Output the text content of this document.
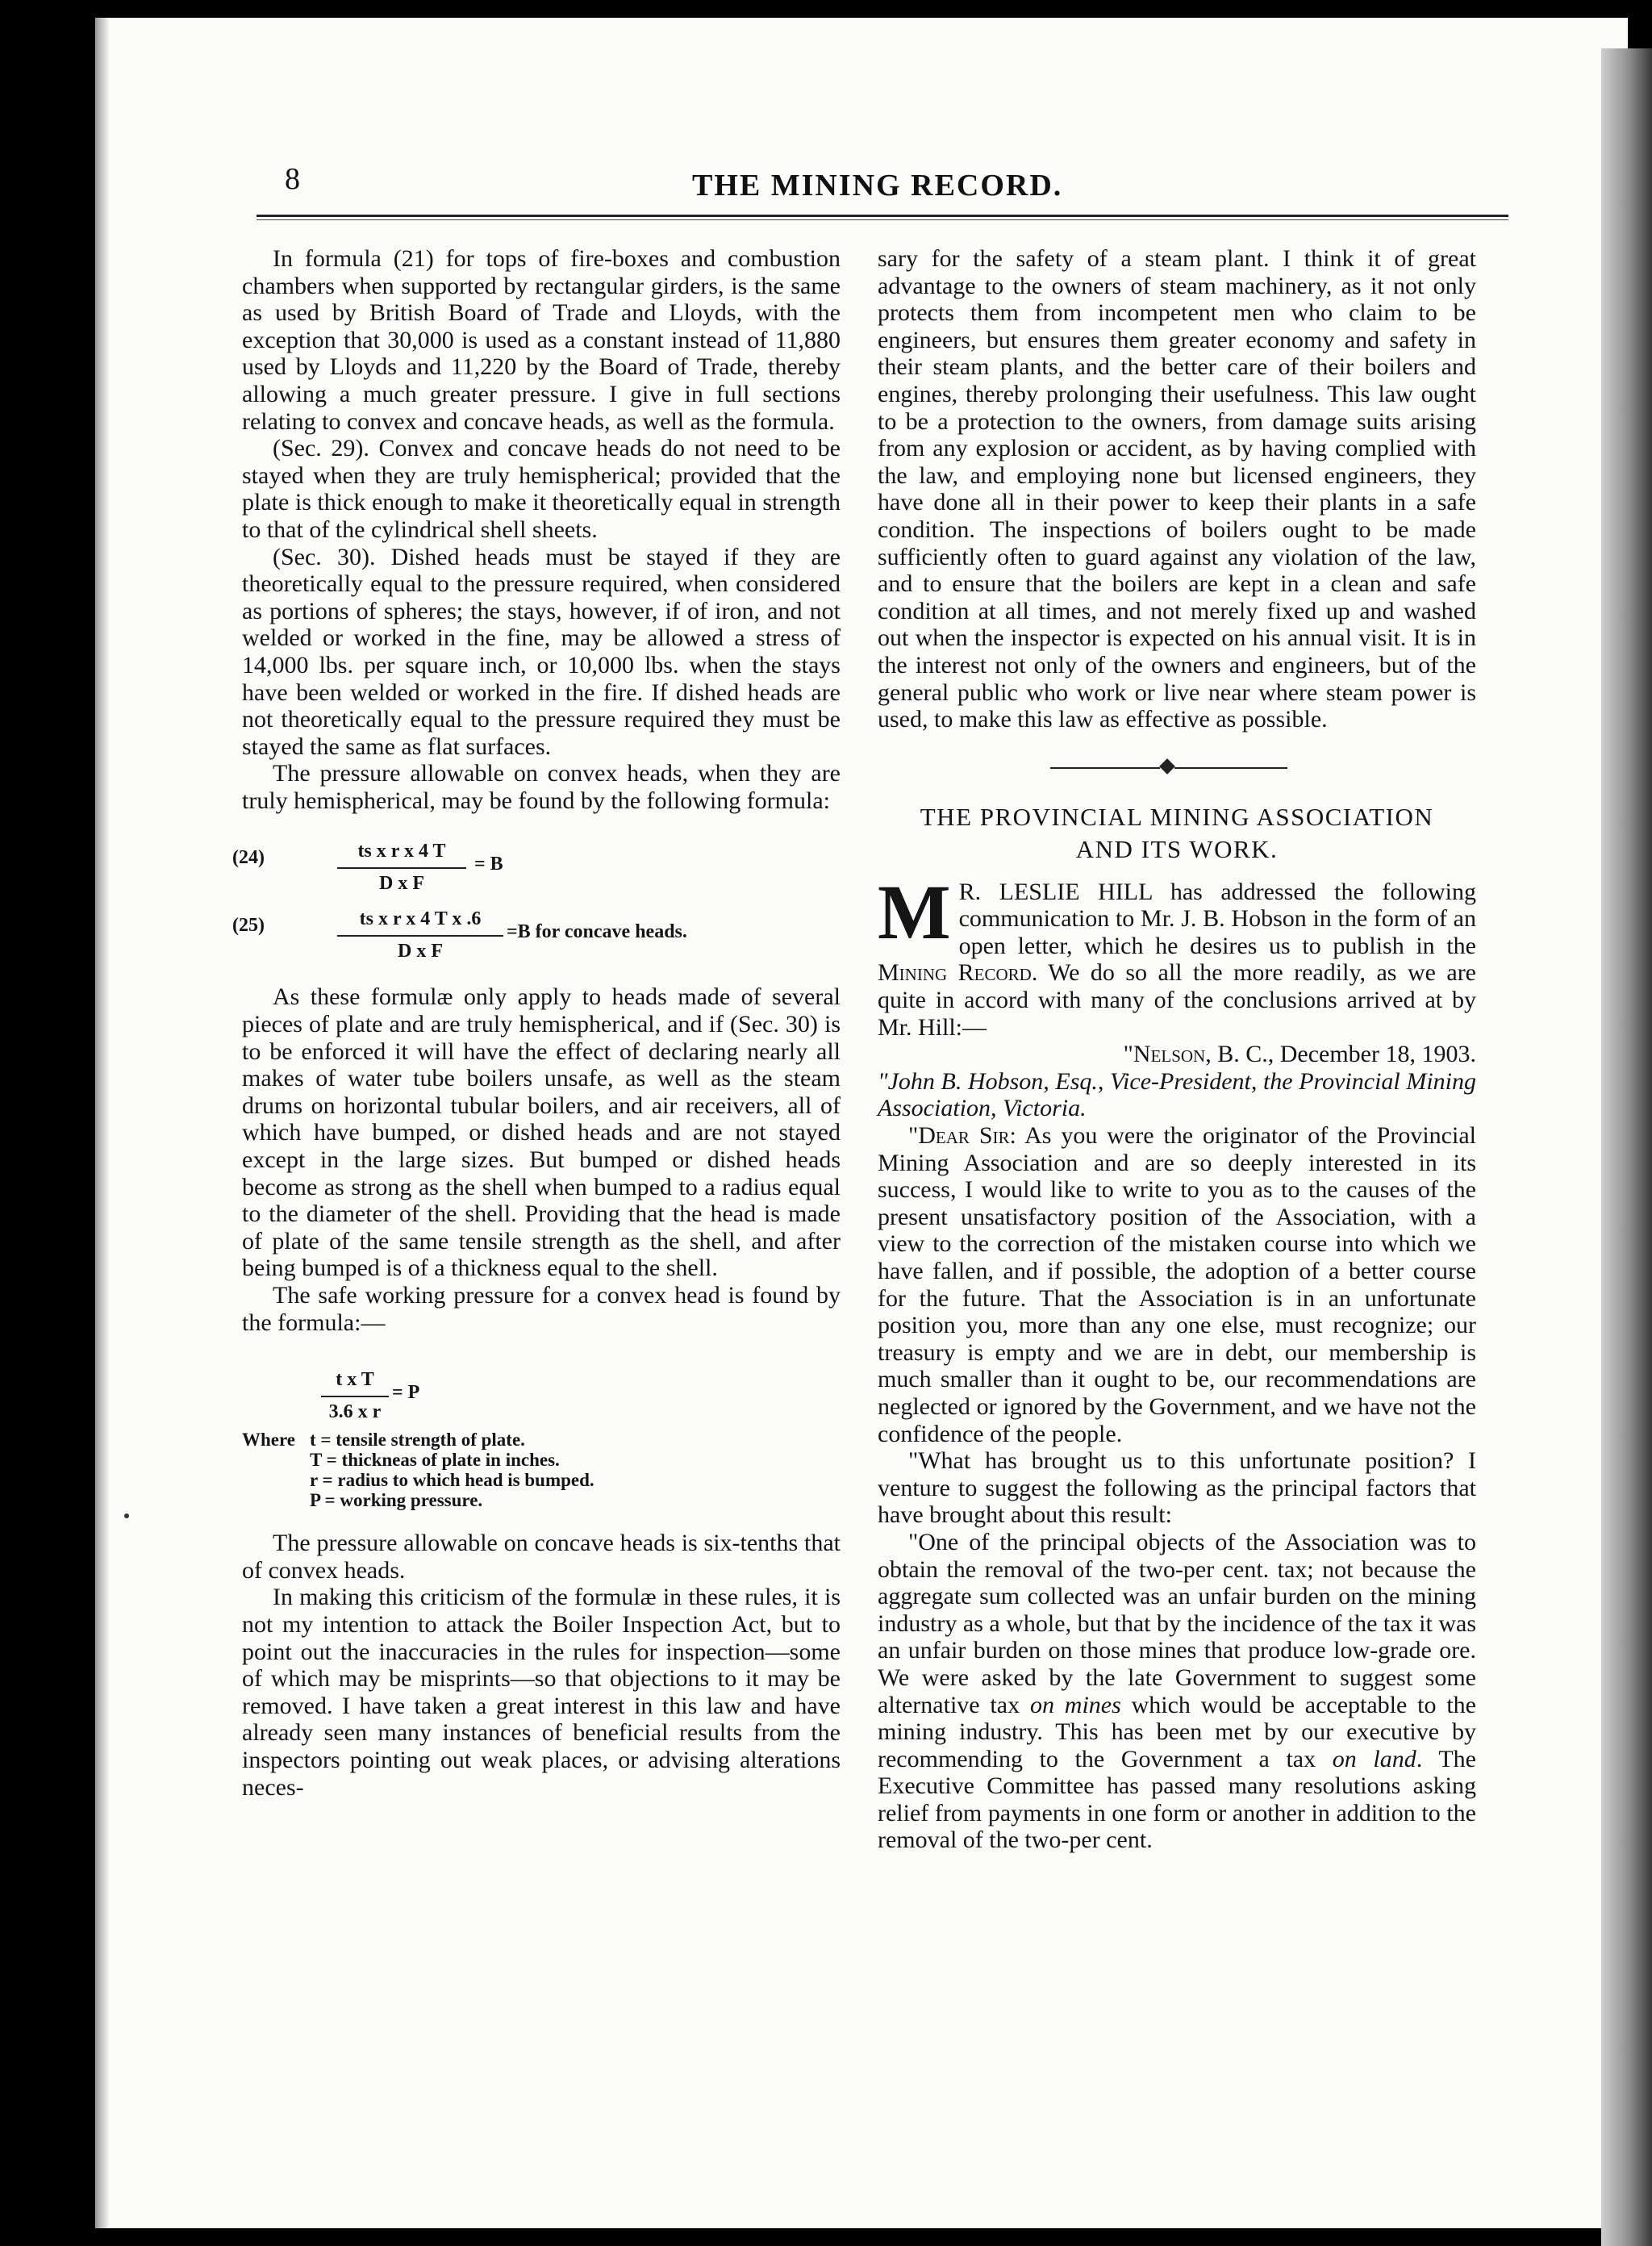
8	THE MINING RECORD.

In formula (21) for tops of fire-boxes and combustion chambers when supported by rectangular girders, is the same as used by British Board of Trade and Lloyds, with the exception that 30,000 is used as a constant instead of 11,880 used by Lloyds and 11,220 by the Board of Trade, thereby allowing a much greater pressure. I give in full sections relating to convex and concave heads, as well as the formula.

(Sec. 29). Convex and concave heads do not need to be stayed when they are truly hemispherical; provided that the plate is thick enough to make it theoretically equal in strength to that of the cylindrical shell sheets.

(Sec. 30). Dished heads must be stayed if they are theoretically equal to the pressure required, when considered as portions of spheres; the stays, however, if of iron, and not welded or worked in the fine, may be allowed a stress of 14,000 lbs. per square inch, or 10,000 lbs. when the stays have been welded or worked in the fire. If dished heads are not theoretically equal to the pressure required they must be stayed the same as flat surfaces.

The pressure allowable on convex heads, when they are truly hemispherical, may be found by the following formula:

(24)	$\frac{\text{ts x r x 4 T}}{\text{D x F}} = B$
(25)	$\frac{\text{ts x r x 4 T x .6}}{\text{D x F}} =B$ for concave heads.

As these formulæ only apply to heads made of several pieces of plate and are truly hemispherical, and if (Sec. 30) is to be enforced it will have the effect of declaring nearly all makes of water tube boilers unsafe, as well as the steam drums on horizontal tubular boilers, and air receivers, all of which have bumped, or dished heads and are not stayed except in the large sizes. But bumped or dished heads become as strong as the shell when bumped to a radius equal to the diameter of the shell. Providing that the head is made of plate of the same tensile strength as the shell, and after being bumped is of a thickness equal to the shell.

The safe working pressure for a convex head is found by the formula:—

$\frac{\text{t x T}}{\text{3.6 x r}} = P$
Where t = tensile strength of plate.
T = thickneas of plate in inches.
r = radius to which head is bumped.
P = working pressure.

The pressure allowable on concave heads is six-tenths that of convex heads.

In making this criticism of the formulæ in these rules, it is not my intention to attack the Boiler Inspection Act, but to point out the inaccuracies in the rules for inspection—some of which may be misprints—so that objections to it may be removed. I have taken a great interest in this law and have already seen many instances of beneficial results from the inspectors pointing out weak places, or advising alterations neces-

sary for the safety of a steam plant. I think it of great advantage to the owners of steam machinery, as it not only protects them from incompetent men who claim to be engineers, but ensures them greater economy and safety in their steam plants, and the better care of their boilers and engines, thereby prolonging their usefulness. This law ought to be a protection to the owners, from damage suits arising from any explosion or accident, as by having complied with the law, and employing none but licensed engineers, they have done all in their power to keep their plants in a safe condition. The inspections of boilers ought to be made sufficiently often to guard against any violation of the law, and to ensure that the boilers are kept in a clean and safe condition at all times, and not merely fixed up and washed out when the inspector is expected on his annual visit. It is in the interest not only of the owners and engineers, but of the general public who work or live near where steam power is used, to make this law as effective as possible.

THE PROVINCIAL MINING ASSOCIATION
AND ITS WORK.

M R. LESLIE HILL has addressed the following communication to Mr. J. B. Hobson in the form of an open letter, which he desires us to publish in the Mining Record. We do so all the more readily, as we are quite in accord with many of the conclusions arrived at by Mr. Hill:—

"Nelson, B. C., December 18, 1903.

"John B. Hobson, Esq., Vice-President, the Provincial Mining Association, Victoria.

"Dear Sir: As you were the originator of the Provincial Mining Association and are so deeply interested in its success, I would like to write to you as to the causes of the present unsatisfactory position of the Association, with a view to the correction of the mistaken course into which we have fallen, and if possible, the adoption of a better course for the future. That the Association is in an unfortunate position you, more than any one else, must recognize; our treasury is empty and we are in debt, our membership is much smaller than it ought to be, our recommendations are neglected or ignored by the Government, and we have not the confidence of the people.

"What has brought us to this unfortunate position? I venture to suggest the following as the principal factors that have brought about this result:

"One of the principal objects of the Association was to obtain the removal of the two-per cent. tax; not because the aggregate sum collected was an unfair burden on the mining industry as a whole, but that by the incidence of the tax it was an unfair burden on those mines that produce low-grade ore. We were asked by the late Government to suggest some alternative tax on mines which would be acceptable to the mining industry. This has been met by our executive by recommending to the Government a tax on land. The Executive Committee has passed many resolutions asking relief from payments in one form or another in addition to the removal of the two-per cent.
